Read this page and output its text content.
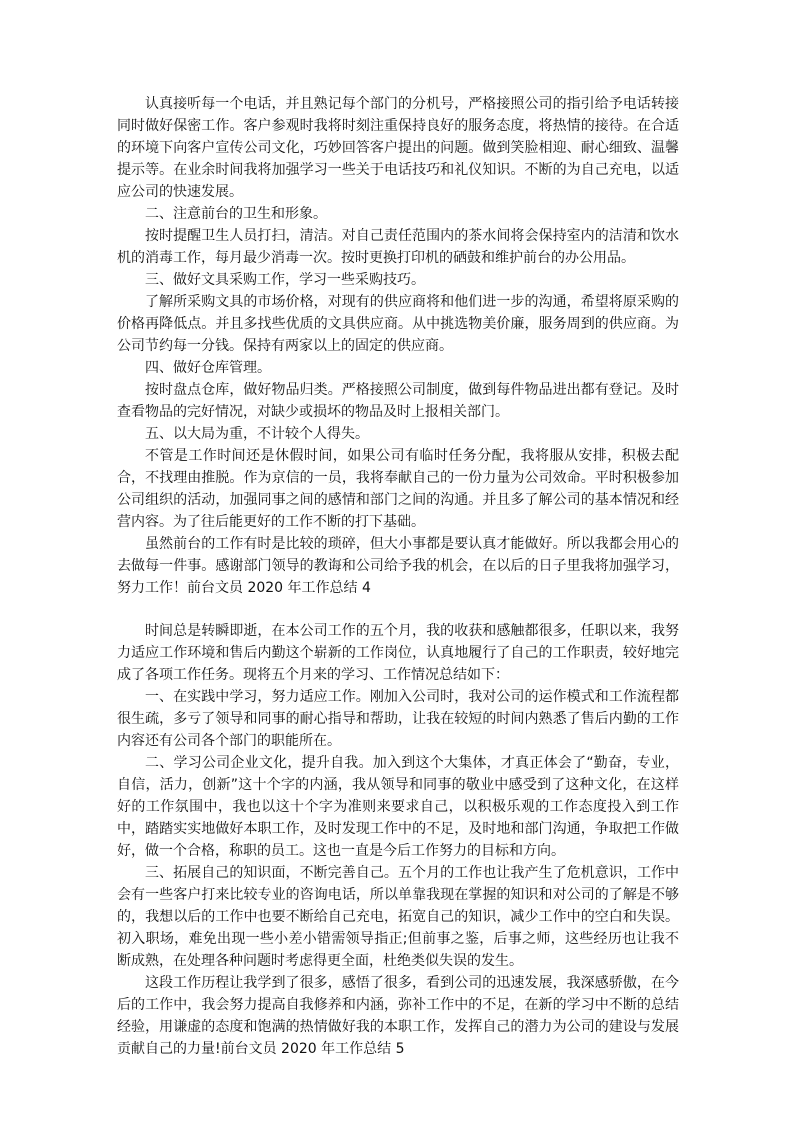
认真接听每一个电话，并且熟记每个部门的分机号，严格接照公司的指引给予电话转接同时做好保密工作。客户参观时我将时刻注重保持良好的服务态度，将热情的接待。在合适的环境下向客户宣传公司文化，巧妙回答客户提出的问题。做到笑脸相迎、耐心细致、温馨提示等。在业余时间我将加强学习一些关于电话技巧和礼仪知识。不断的为自己充电，以适应公司的快速发展。

二、注意前台的卫生和形象。

按时提醒卫生人员打扫，清洁。对自己责任范围内的茶水间将会保持室内的洁清和饮水机的消毒工作，每月最少消毒一次。按时更换打印机的硒鼓和维护前台的办公用品。

三、做好文具采购工作，学习一些采购技巧。

了解所采购文具的市场价格，对现有的供应商将和他们进一步的沟通，希望将原采购的价格再降低点。并且多找些优质的文具供应商。从中挑选物美价廉，服务周到的供应商。为公司节约每一分钱。保持有两家以上的固定的供应商。

四、做好仓库管理。

按时盘点仓库，做好物品归类。严格接照公司制度，做到每件物品进出都有登记。及时查看物品的完好情况，对缺少或损坏的物品及时上报相关部门。

五、以大局为重，不计较个人得失。

不管是工作时间还是休假时间，如果公司有临时任务分配，我将服从安排，积极去配合，不找理由推脱。作为京信的一员，我将奉献自己的一份力量为公司效命。平时积极参加公司组织的活动，加强同事之间的感情和部门之间的沟通。并且多了解公司的基本情况和经营内容。为了往后能更好的工作不断的打下基础。

虽然前台的工作有时是比较的琐碎，但大小事都是要认真才能做好。所以我都会用心的去做每一件事。感谢部门领导的教诲和公司给予我的机会，在以后的日子里我将加强学习，努力工作！前台文员 2020 年工作总结 4

时间总是转瞬即逝，在本公司工作的五个月，我的收获和感触都很多，任职以来，我努力适应工作环境和售后内勤这个崭新的工作岗位，认真地履行了自己的工作职责，较好地完成了各项工作任务。现将五个月来的学习、工作情况总结如下：

一、在实践中学习，努力适应工作。刚加入公司时，我对公司的运作模式和工作流程都很生疏，多亏了领导和同事的耐心指导和帮助，让我在较短的时间内熟悉了售后内勤的工作内容还有公司各个部门的职能所在。

二、学习公司企业文化，提升自我。加入到这个大集体，才真正体会了“勤奋，专业，自信，活力，创新”这十个字的内涵，我从领导和同事的敬业中感受到了这种文化，在这样好的工作氛围中，我也以这十个字为准则来要求自己，以积极乐观的工作态度投入到工作中，踏踏实实地做好本职工作，及时发现工作中的不足，及时地和部门沟通，争取把工作做好，做一个合格，称职的员工。这也一直是今后工作努力的目标和方向。

三、拓展自己的知识面，不断完善自己。五个月的工作也让我产生了危机意识，工作中会有一些客户打来比较专业的咨询电话，所以单靠我现在掌握的知识和对公司的了解是不够的，我想以后的工作中也要不断给自己充电，拓宽自己的知识，减少工作中的空白和失误。初入职场，难免出现一些小差小错需领导指正;但前事之鉴，后事之师，这些经历也让我不断成熟，在处理各种问题时考虑得更全面，杜绝类似失误的发生。

这段工作历程让我学到了很多，感悟了很多，看到公司的迅速发展，我深感骄傲，在今后的工作中，我会努力提高自我修养和内涵，弥补工作中的不足，在新的学习中不断的总结经验，用谦虚的态度和饱满的热情做好我的本职工作，发挥自己的潜力为公司的建设与发展贡献自己的力量!前台文员 2020 年工作总结 5
